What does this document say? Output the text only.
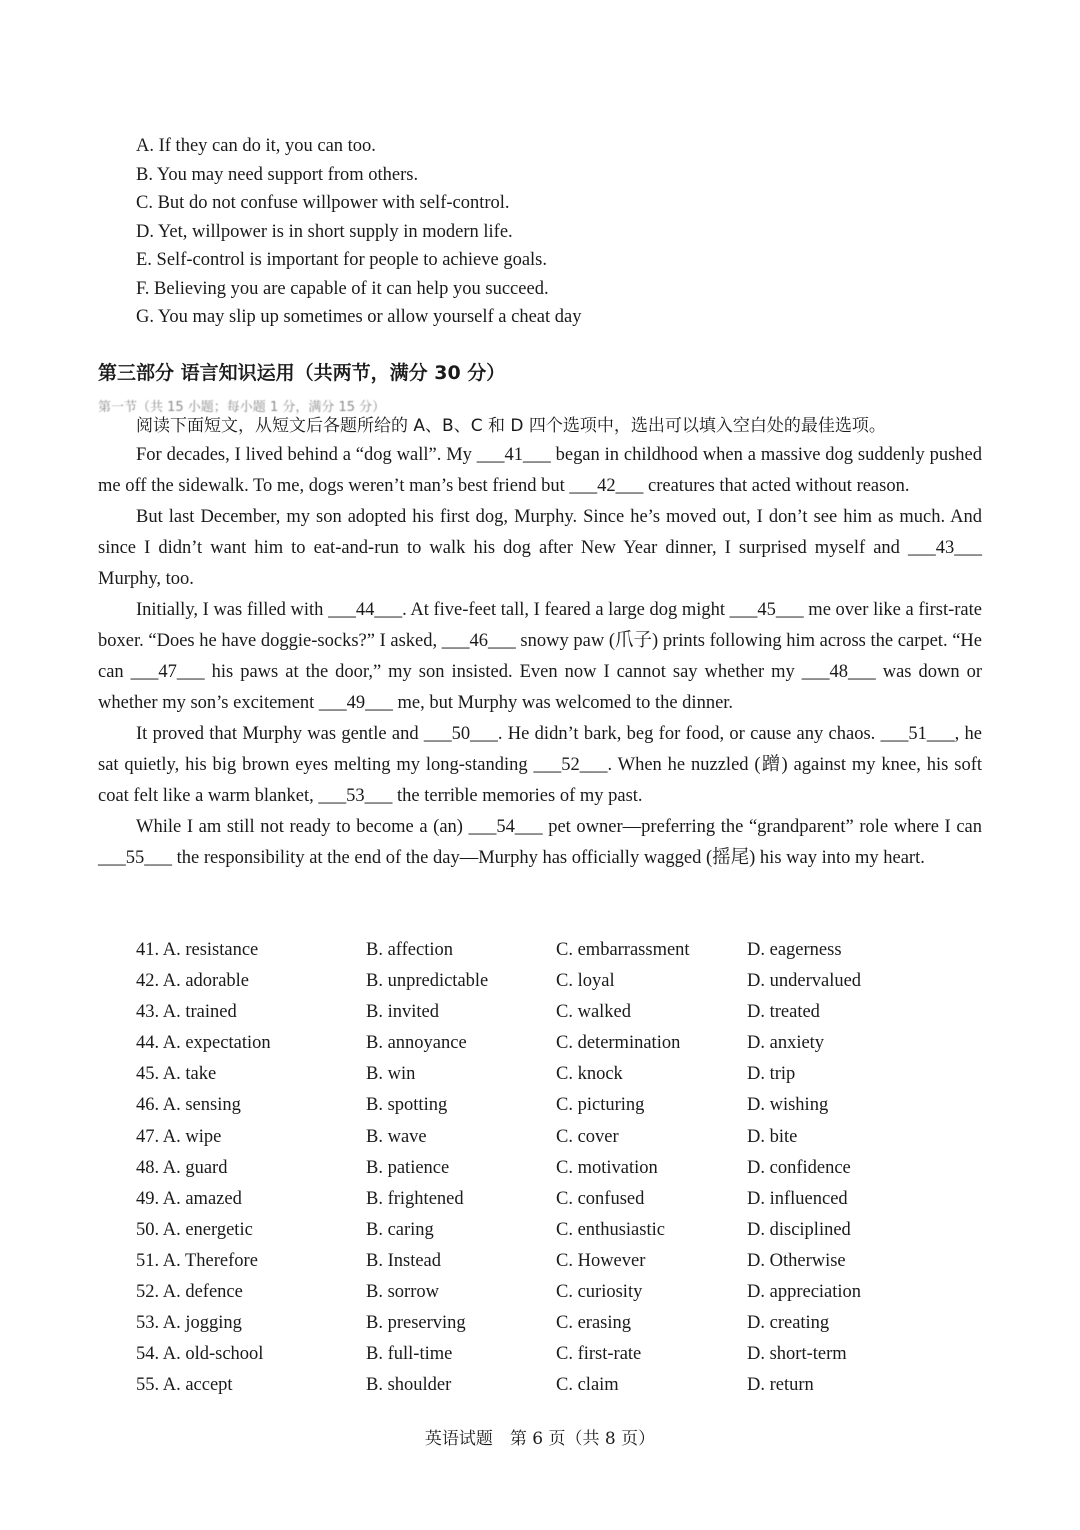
A. If they can do it, you can too.
B. You may need support from others.
C. But do not confuse willpower with self-control.
D. Yet, willpower is in short supply in modern life.
E. Self-control is important for people to achieve goals.
F. Believing you are capable of it can help you succeed.
G. You may slip up sometimes or allow yourself a cheat day
第三部分 语言知识运用（共两节，满分 30 分）
第一节（共 15 小题；每小题 1 分，满分 15 分）
阅读下面短文，从短文后各题所给的 A、B、C 和 D 四个选项中，选出可以填入空白处的最佳选项。

For decades, I lived behind a “dog wall”. My ___41___ began in childhood when a massive dog suddenly pushed me off the sidewalk. To me, dogs weren’t man’s best friend but ___42___ creatures that acted without reason.

But last December, my son adopted his first dog, Murphy. Since he’s moved out, I don’t see him as much. And since I didn’t want him to eat-and-run to walk his dog after New Year dinner, I surprised myself and ___43___ Murphy, too.

Initially, I was filled with ___44___. At five-feet tall, I feared a large dog might ___45___ me over like a first-rate boxer. “Does he have doggie-socks?” I asked, ___46___ snowy paw (爪子) prints following him across the carpet. “He can ___47___ his paws at the door,” my son insisted. Even now I cannot say whether my ___48___ was down or whether my son’s excitement ___49___ me, but Murphy was welcomed to the dinner.

It proved that Murphy was gentle and ___50___. He didn’t bark, beg for food, or cause any chaos. ___51___, he sat quietly, his big brown eyes melting my long-standing ___52___. When he nuzzled (蹭) against my knee, his soft coat felt like a warm blanket, ___53___ the terrible memories of my past.

While I am still not ready to become a (an) ___54___ pet owner—preferring the “grandparent” role where I can ___55___ the responsibility at the end of the day—Murphy has officially wagged (摇尾) his way into my heart.

41. A. resistance	B. affection	C. embarrassment	D. eagerness
42. A. adorable	B. unpredictable	C. loyal	D. undervalued
43. A. trained	B. invited	C. walked	D. treated
44. A. expectation	B. annoyance	C. determination	D. anxiety
45. A. take	B. win	C. knock	D. trip
46. A. sensing	B. spotting	C. picturing	D. wishing
47. A. wipe	B. wave	C. cover	D. bite
48. A. guard	B. patience	C. motivation	D. confidence
49. A. amazed	B. frightened	C. confused	D. influenced
50. A. energetic	B. caring	C. enthusiastic	D. disciplined
51. A. Therefore	B. Instead	C. However	D. Otherwise
52. A. defence	B. sorrow	C. curiosity	D. appreciation
53. A. jogging	B. preserving	C. erasing	D. creating
54. A. old-school	B. full-time	C. first-rate	D. short-term
55. A. accept	B. shoulder	C. claim	D. return
英语试题　第 6 页（共 8 页）
